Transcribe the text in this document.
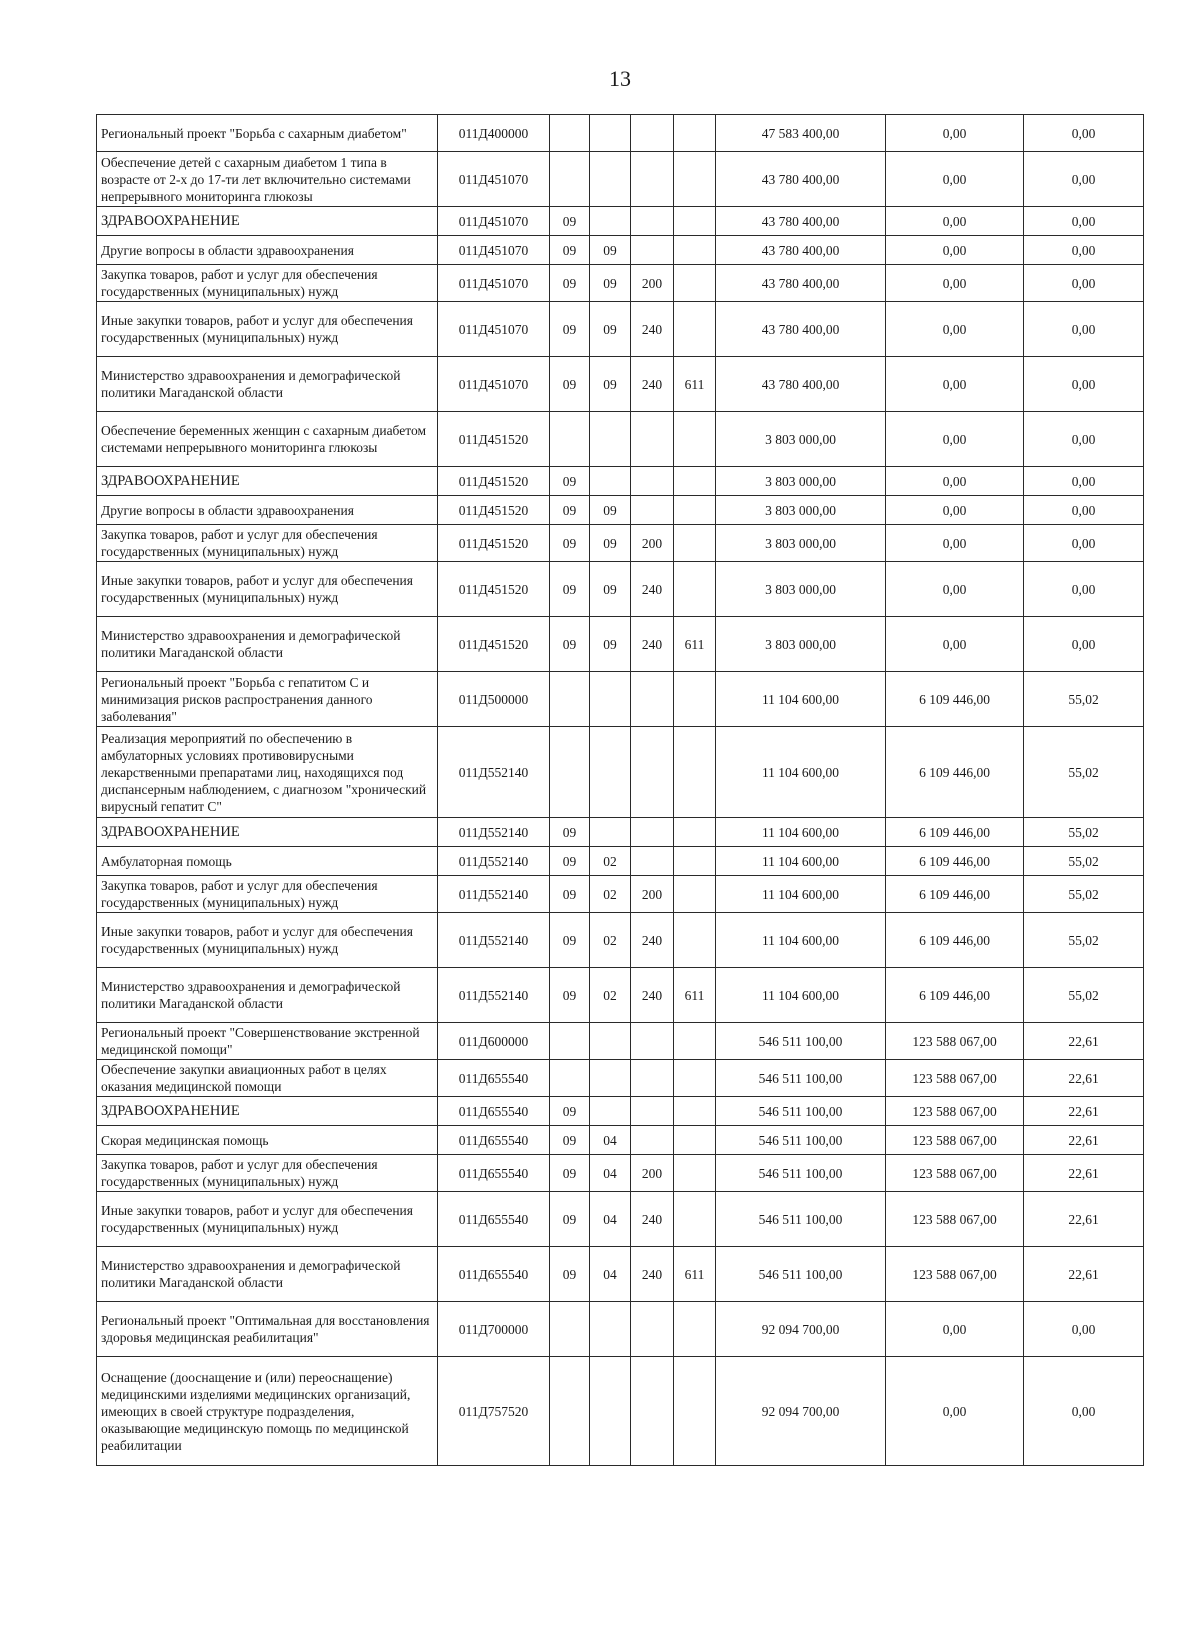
13
Региональный проект "Борьба с сахарным диабетом"	011Д400000					47 583 400,00	0,00	0,00
Обеспечение детей с сахарным диабетом 1 типа в возрасте от 2-х до 17-ти лет включительно системами непрерывного мониторинга глюкозы	011Д451070					43 780 400,00	0,00	0,00
ЗДРАВООХРАНЕНИЕ	011Д451070	09				43 780 400,00	0,00	0,00
Другие вопросы в области здравоохранения	011Д451070	09	09			43 780 400,00	0,00	0,00
Закупка товаров, работ и услуг для обеспечения государственных (муниципальных) нужд	011Д451070	09	09	200		43 780 400,00	0,00	0,00
Иные закупки товаров, работ и услуг для обеспечения государственных (муниципальных) нужд	011Д451070	09	09	240		43 780 400,00	0,00	0,00
Министерство здравоохранения и демографической политики Магаданской области	011Д451070	09	09	240	611	43 780 400,00	0,00	0,00
Обеспечение беременных женщин с сахарным диабетом системами непрерывного мониторинга глюкозы	011Д451520					3 803 000,00	0,00	0,00
ЗДРАВООХРАНЕНИЕ	011Д451520	09				3 803 000,00	0,00	0,00
Другие вопросы в области здравоохранения	011Д451520	09	09			3 803 000,00	0,00	0,00
Закупка товаров, работ и услуг для обеспечения государственных (муниципальных) нужд	011Д451520	09	09	200		3 803 000,00	0,00	0,00
Иные закупки товаров, работ и услуг для обеспечения государственных (муниципальных) нужд	011Д451520	09	09	240		3 803 000,00	0,00	0,00
Министерство здравоохранения и демографической политики Магаданской области	011Д451520	09	09	240	611	3 803 000,00	0,00	0,00
Региональный проект "Борьба с гепатитом С и минимизация рисков распространения данного заболевания"	011Д500000					11 104 600,00	6 109 446,00	55,02
Реализация мероприятий по обеспечению в амбулаторных условиях противовирусными лекарственными препаратами лиц, находящихся под диспансерным наблюдением, с диагнозом "хронический вирусный гепатит С"	011Д552140					11 104 600,00	6 109 446,00	55,02
ЗДРАВООХРАНЕНИЕ	011Д552140	09				11 104 600,00	6 109 446,00	55,02
Амбулаторная помощь	011Д552140	09	02			11 104 600,00	6 109 446,00	55,02
Закупка товаров, работ и услуг для обеспечения государственных (муниципальных) нужд	011Д552140	09	02	200		11 104 600,00	6 109 446,00	55,02
Иные закупки товаров, работ и услуг для обеспечения государственных (муниципальных) нужд	011Д552140	09	02	240		11 104 600,00	6 109 446,00	55,02
Министерство здравоохранения и демографической политики Магаданской области	011Д552140	09	02	240	611	11 104 600,00	6 109 446,00	55,02
Региональный проект "Совершенствование экстренной медицинской помощи"	011Д600000					546 511 100,00	123 588 067,00	22,61
Обеспечение закупки авиационных работ в целях оказания медицинской помощи	011Д655540					546 511 100,00	123 588 067,00	22,61
ЗДРАВООХРАНЕНИЕ	011Д655540	09				546 511 100,00	123 588 067,00	22,61
Скорая медицинская помощь	011Д655540	09	04			546 511 100,00	123 588 067,00	22,61
Закупка товаров, работ и услуг для обеспечения государственных (муниципальных) нужд	011Д655540	09	04	200		546 511 100,00	123 588 067,00	22,61
Иные закупки товаров, работ и услуг для обеспечения государственных (муниципальных) нужд	011Д655540	09	04	240		546 511 100,00	123 588 067,00	22,61
Министерство здравоохранения и демографической политики Магаданской области	011Д655540	09	04	240	611	546 511 100,00	123 588 067,00	22,61
Региональный проект "Оптимальная для восстановления здоровья медицинская реабилитация"	011Д700000					92 094 700,00	0,00	0,00
Оснащение (дооснащение и (или) переоснащение) медицинскими изделиями медицинских организаций, имеющих в своей структуре подразделения, оказывающие медицинскую помощь по медицинской реабилитации	011Д757520					92 094 700,00	0,00	0,00
